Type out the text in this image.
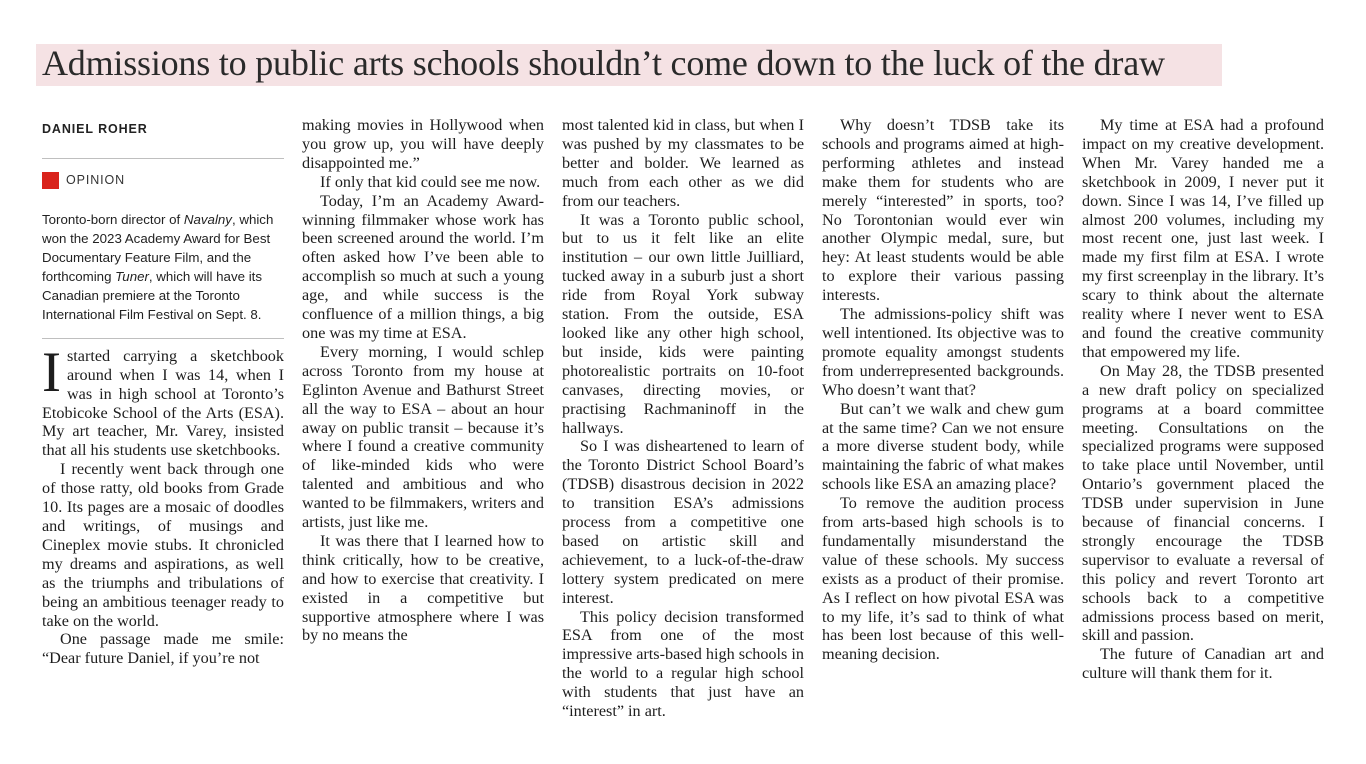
Admissions to public arts schools shouldn’t come down to the luck of the draw
DANIEL ROHER
OPINION
Toronto-born director of Navalny, which won the 2023 Academy Award for Best Documentary Feature Film, and the forthcoming Tuner, which will have its Canadian premiere at the Toronto International Film Festival on Sept. 8.

Istarted carrying a sketchbook around when I was 14, when I was in high school at Toronto’s Etobicoke School of the Arts (ESA). My art teacher, Mr. Varey, insisted that all his students use sketchbooks.

I recently went back through one of those ratty, old books from Grade 10. Its pages are a mosaic of doodles and writings, of musings and Cineplex movie stubs. It chronicled my dreams and aspirations, as well as the triumphs and tribulations of being an ambitious teenager ready to take on the world.

One passage made me smile: “Dear future Daniel, if you’re not

making movies in Hollywood when you grow up, you will have deeply disappointed me.”

If only that kid could see me now.

Today, I’m an Academy Award-winning filmmaker whose work has been screened around the world. I’m often asked how I’ve been able to accomplish so much at such a young age, and while success is the confluence of a million things, a big one was my time at ESA.

Every morning, I would schlep across Toronto from my house at Eglinton Avenue and Bathurst Street all the way to ESA – about an hour away on public transit – because it’s where I found a creative community of like-minded kids who were talented and ambitious and who wanted to be filmmakers, writers and artists, just like me.

It was there that I learned how to think critically, how to be creative, and how to exercise that creativity. I existed in a competitive but supportive atmosphere where I was by no means the

most talented kid in class, but when I was pushed by my classmates to be better and bolder. We learned as much from each other as we did from our teachers.

It was a Toronto public school, but to us it felt like an elite institution – our own little Juilliard, tucked away in a suburb just a short ride from Royal York subway station. From the outside, ESA looked like any other high school, but inside, kids were painting photorealistic portraits on 10-foot canvases, directing movies, or practising Rachmaninoff in the hallways.

So I was disheartened to learn of the Toronto District School Board’s (TDSB) disastrous decision in 2022 to transition ESA’s admissions process from a competitive one based on artistic skill and achievement, to a luck-of-the-draw lottery system predicated on mere interest.

This policy decision transformed ESA from one of the most impressive arts-based high schools in the world to a regular high school with students that just have an “interest” in art.

Why doesn’t TDSB take its schools and programs aimed at high-performing athletes and instead make them for students who are merely “interested” in sports, too? No Torontonian would ever win another Olympic medal, sure, but hey: At least students would be able to explore their various passing interests.

The admissions-policy shift was well intentioned. Its objective was to promote equality amongst students from underrepresented backgrounds. Who doesn’t want that?

But can’t we walk and chew gum at the same time? Can we not ensure a more diverse student body, while maintaining the fabric of what makes schools like ESA an amazing place?

To remove the audition process from arts-based high schools is to fundamentally misunderstand the value of these schools. My success exists as a product of their promise. As I reflect on how pivotal ESA was to my life, it’s sad to think of what has been lost because of this well-meaning decision.

My time at ESA had a profound impact on my creative development. When Mr. Varey handed me a sketchbook in 2009, I never put it down. Since I was 14, I’ve filled up almost 200 volumes, including my most recent one, just last week. I made my first film at ESA. I wrote my first screenplay in the library. It’s scary to think about the alternate reality where I never went to ESA and found the creative community that empowered my life.

On May 28, the TDSB presented a new draft policy on specialized programs at a board committee meeting. Consultations on the specialized programs were supposed to take place until November, until Ontario’s government placed the TDSB under supervision in June because of financial concerns. I strongly encourage the TDSB supervisor to evaluate a reversal of this policy and revert Toronto art schools back to a competitive admissions process based on merit, skill and passion.

The future of Canadian art and culture will thank them for it.
